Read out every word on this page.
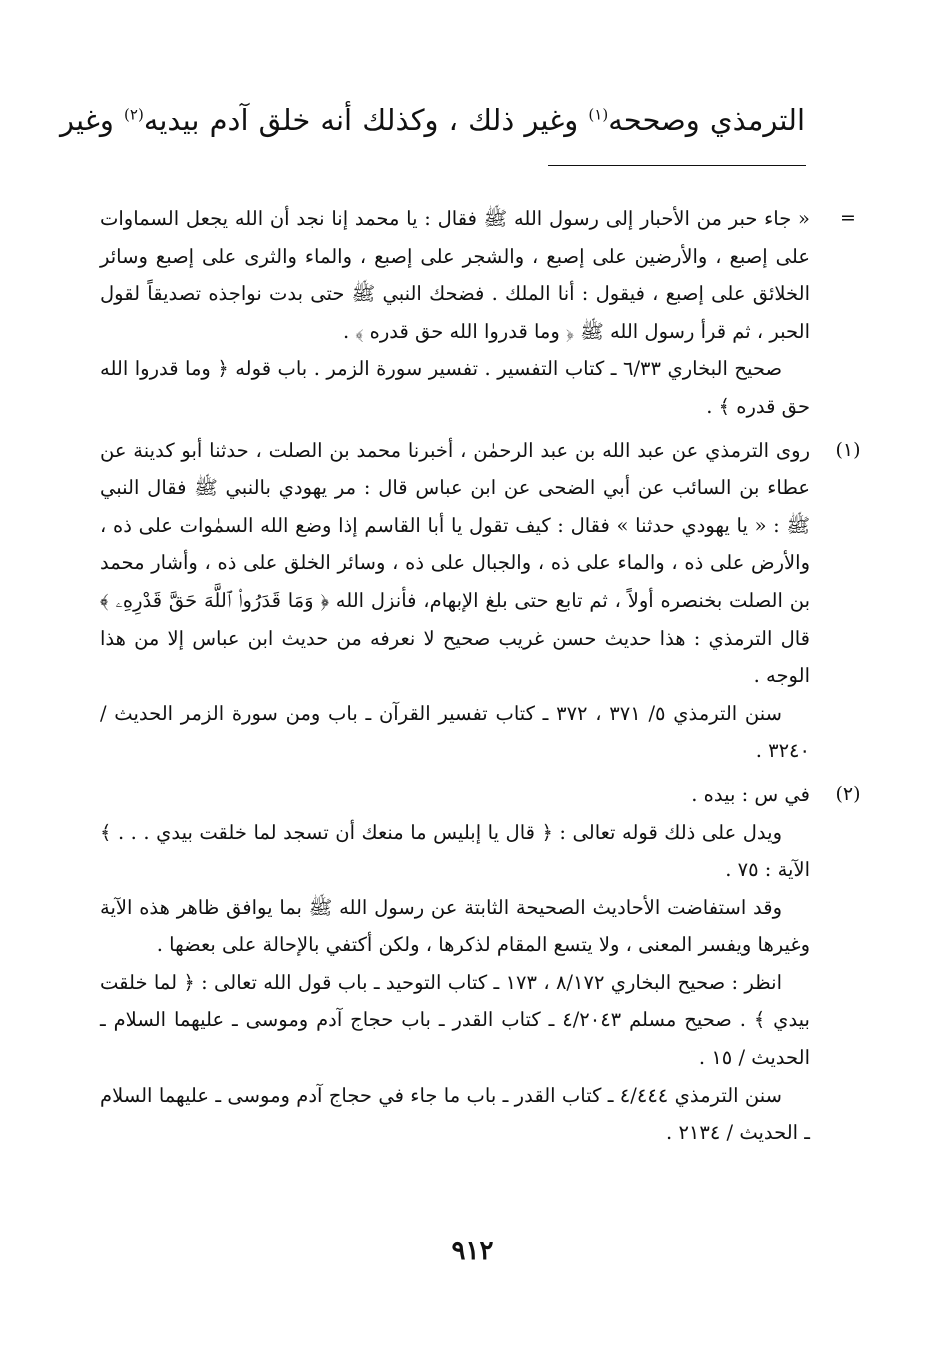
الترمذي وصححه$^{(١)}$ وغير ذلك ، وكذلك أنه خلق آدم بيديه$^{(٢)}$ وغير
=

« جاء حبر من الأحبار إلى رسول الله ﷺ فقال : يا محمد إنا نجد أن الله يجعل السماوات على إصبع ، والأرضين على إصبع ، والشجر على إصبع ، والماء والثرى على إصبع وسائر الخلائق على إصبع ، فيقول : أنا الملك . فضحك النبي ﷺ حتى بدت نواجذه تصديقاً لقول الحبر ، ثم قرأ رسول الله ﷺ ﴿ وما قدروا الله حق قدره ﴾ .

صحيح البخاري ٦/٣٣ ـ كتاب التفسير . تفسير سورة الزمر . باب قوله ﴿ وما قدروا الله حق قدره ﴾ .

(١)

روى الترمذي عن عبد الله بن عبد الرحمٰن ، أخبرنا محمد بن الصلت ، حدثنا أبو كدينة عن عطاء بن السائب عن أبي الضحى عن ابن عباس قال : مر يهودي بالنبي ﷺ فقال النبي ﷺ : « يا يهودي حدثنا » فقال : كيف تقول يا أبا القاسم إذا وضع الله السمٰوات على ذه ، والأرض على ذه ، والماء على ذه ، والجبال على ذه ، وسائر الخلق على ذه ، وأشار محمد بن الصلت بخنصره أولاً ، ثم تابع حتى بلغ الإبهام، فأنزل الله ﴿ وَمَا قَدَرُوا۟ ٱللَّهَ حَقَّ قَدْرِهِۦ ﴾ قال الترمذي : هذا حديث حسن غريب صحيح لا نعرفه من حديث ابن عباس إلا من هذا الوجه .

سنن الترمذي ٥/ ٣٧١ ، ٣٧٢ ـ كتاب تفسير القرآن ـ باب ومن سورة الزمر الحديث / ٣٢٤٠ .

(٢)

في س : بيده .

ويدل على ذلك قوله تعالى : ﴿ قال يا إبليس ما منعك أن تسجد لما خلقت بيدي . . . ﴾ الآية : ٧٥ .

وقد استفاضت الأحاديث الصحيحة الثابتة عن رسول الله ﷺ بما يوافق ظاهر هذه الآية وغيرها ويفسر المعنى ، ولا يتسع المقام لذكرها ، ولكن أكتفي بالإحالة على بعضها .

انظر : صحيح البخاري ٨/١٧٢ ، ١٧٣ ـ كتاب التوحيد ـ باب قول الله تعالى : ﴿ لما خلقت بيدي ﴾ . صحيح مسلم ٤/٢٠٤٣ ـ كتاب القدر ـ باب حجاج آدم وموسى ـ عليهما السلام ـ الحديث / ١٥ .

سنن الترمذي ٤/٤٤٤ ـ كتاب القدر ـ باب ما جاء في حجاج آدم وموسى ـ عليهما السلام ـ الحديث / ٢١٣٤ .

٩١٢
